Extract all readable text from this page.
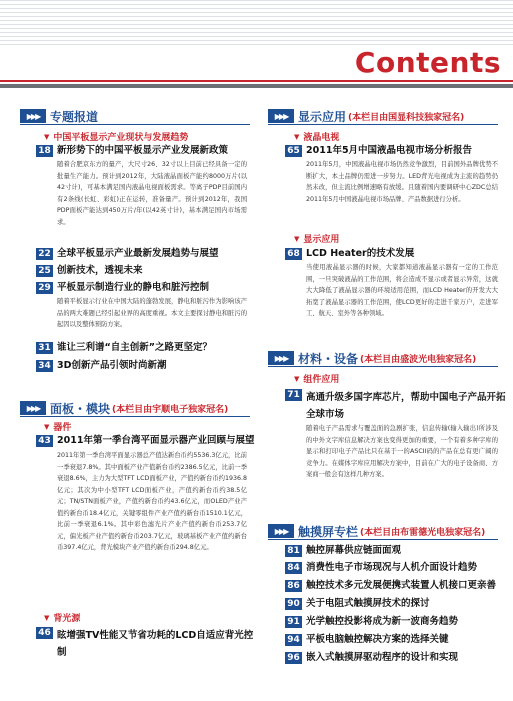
Contents
▶▶▶ 专题报道
▼ 中国平板显示产业现状与发展趋势
18 新形势下的中国平板显示产业发展新政策
随着合肥京东方的量产，大尺寸26、32寸以上目前已经具备一定的批量生产能力。预计到2012年，大陆液晶面板产能约8000万片(以42寸计)，可基本满足国内液晶电视面板需求。等离子PDP目前国内有2条线(长虹、彩虹)正在运转，准备量产。预计到2012年，我国PDP面板产能达到450万片/年(以42英寸计)，基本满足国内市场需求。
22 全球平板显示产业最新发展趋势与展望
25 创新技术，透视未来
29 平板显示制造行业的静电和脏污控制
随着平板显示行业在中国大陆的蓬勃发展，静电和脏污作为影响该产品的两大难题已经引起业界的高度重视。本文主要探讨静电和脏污的起因以及整体预防方案。
31 谁让三利谱“自主创新”之路更坚定？
34 3D创新产品引领时尚新潮
▶▶▶ 面板・模块 (本栏目由宇顺电子独家冠名)
▼ 器件
43 2011年第一季台湾平面显示器产业回顾与展望
2011年第一季台湾平面显示器总产值达新台币约5536.3亿元，比前一季衰退7.8%。其中面板产业产值新台币约2386.5亿元，比前一季衰退8.6%，主力为大型TFT LCD面板产业，产值约新台币约1936.8亿元；其次为中小型TFT LCD面板产业，产值约新台币约38.5亿元；TN/STN面板产业，产值约新台币约43.6亿元，而OLED产业产值约新台币18.4亿元，关键零组件产业产值约新台币1510.1亿元，比前一季衰退6.1%。其中彩色滤光片产业产值约新台币253.7亿元，偏光板产业产值约新台币203.7亿元，玻璃基板产业产值约新台币397.4亿元，背光模块产业产值约新台币294.8亿元。
▼ 背光源
46 眩增强TV性能又节省功耗的LCD自适应背光控制
▶▶▶ 显示应用 (本栏目由国显科技独家冠名)
▼ 液晶电视
65 2011年5月中国液晶电视市场分析报告
2011年5月，中国液晶电视市场仍然竞争激烈，目前国外品牌优势不断扩大，本土品牌仍需进一步努力。LED背光电视成为主流的趋势仍然未改，但主流比例增速略有放缓。且随着国内要调研中心ZDC总结2011年5月中国液晶电视市场品牌、产品数据进行分析。
▼ 显示应用
68 LCD Heater的技术发展
当使用液晶显示器的时候，大家都知道液晶显示器有一定的工作范围，一旦突破液晶的工作范围，将会造成不显示或者显示异常，这就大大降低了液晶显示器的环境适用范围，而LCD Heater的开发大大拓宽了液晶显示器的工作范围，使LCD更好的走进千家万户，走进军工、航天、室外等各种领域。
▶▶▶ 材料・设备 (本栏目由盛波光电独家冠名)
▼ 组件应用
71 高通升级多国字库芯片，帮助中国电子产品开拓全球市场
随着电子产品需求与覆盖面的急剧扩张，信息传输(输入输出)所涉及的中外文字库信息解决方案也变得更加的重要，一个有着多种字库的显示和打印电子产品比只在基于一的ASCII码的产品在总有更广阔的竞争力。在媒体字库应用解决方案中，目前在广大的电子设备商、方案商一般会有这样几种方案。
▶▶▶ 触摸屏专栏 (本栏目由布雷德光电独家冠名)
81 触控屏幕供应链面面观
84 消费性电子市场现况与人机介面设计趋势
86 触控技术多元发展便携式装置人机接口更亲善
90 关于电阻式触摸屏技术的探讨
91 光学触控投影将成为新一波商务趋势
94 平板电脑触控解决方案的选择关键
96 嵌入式触摸屏驱动程序的设计和实现
